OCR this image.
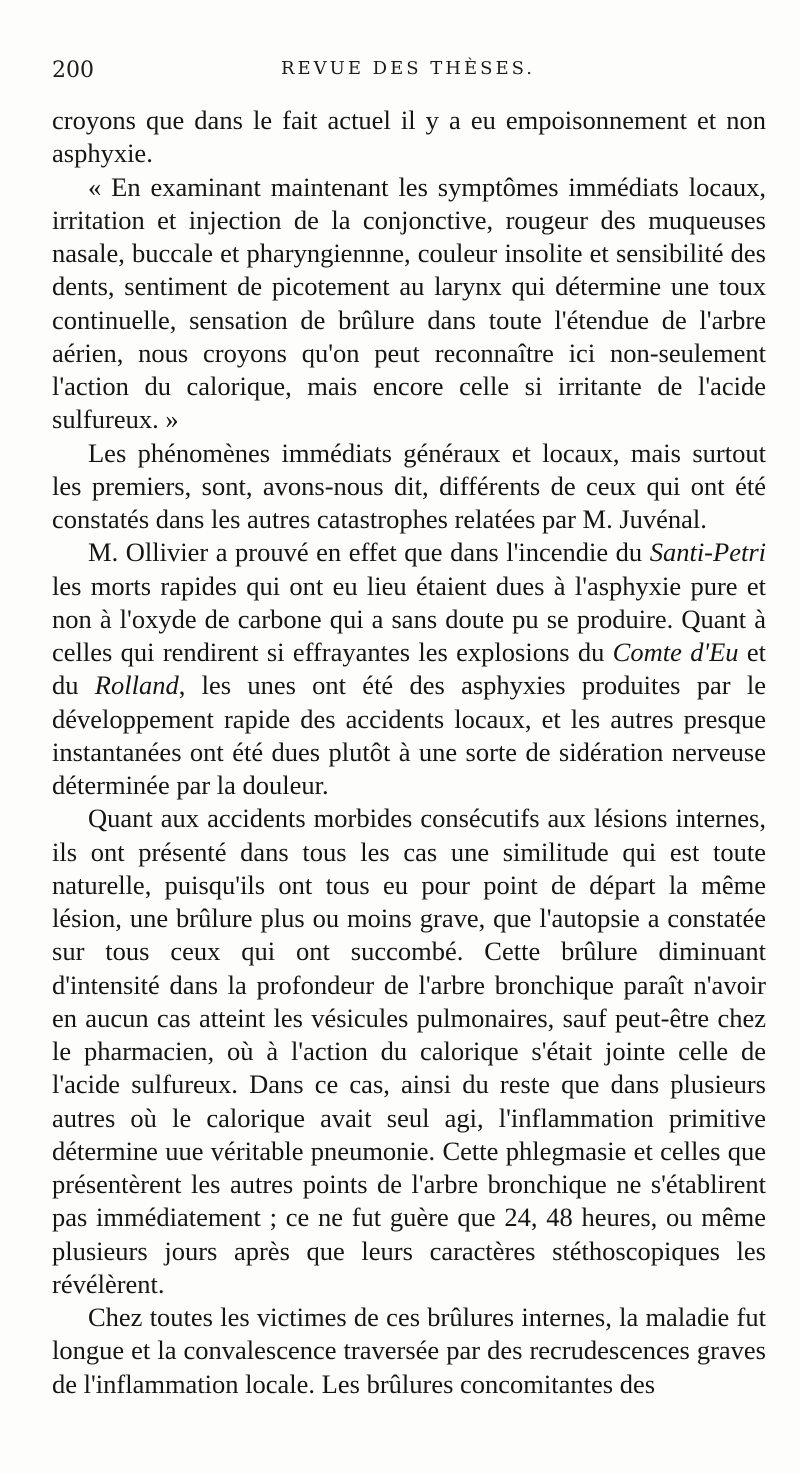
200	REVUE DES THÈSES.

croyons que dans le fait actuel il y a eu empoisonnement et non asphyxie.

« En examinant maintenant les symptômes immédiats locaux, irritation et injection de la conjonctive, rougeur des muqueuses nasale, buccale et pharyngiennne, couleur insolite et sensibilité des dents, sentiment de picotement au larynx qui détermine une toux continuelle, sensation de brûlure dans toute l'étendue de l'arbre aérien, nous croyons qu'on peut reconnaître ici non-seulement l'action du calorique, mais encore celle si irritante de l'acide sulfureux. »

Les phénomènes immédiats généraux et locaux, mais surtout les premiers, sont, avons-nous dit, différents de ceux qui ont été constatés dans les autres catastrophes relatées par M. Juvénal.

M. Ollivier a prouvé en effet que dans l'incendie du Santi-Petri les morts rapides qui ont eu lieu étaient dues à l'asphyxie pure et non à l'oxyde de carbone qui a sans doute pu se produire. Quant à celles qui rendirent si effrayantes les explosions du Comte d'Eu et du Rolland, les unes ont été des asphyxies produites par le développement rapide des accidents locaux, et les autres presque instantanées ont été dues plutôt à une sorte de sidération nerveuse déterminée par la douleur.

Quant aux accidents morbides consécutifs aux lésions internes, ils ont présenté dans tous les cas une similitude qui est toute naturelle, puisqu'ils ont tous eu pour point de départ la même lésion, une brûlure plus ou moins grave, que l'autopsie a constatée sur tous ceux qui ont succombé. Cette brûlure diminuant d'intensité dans la profondeur de l'arbre bronchique paraît n'avoir en aucun cas atteint les vésicules pulmonaires, sauf peut-être chez le pharmacien, où à l'action du calorique s'était jointe celle de l'acide sulfureux. Dans ce cas, ainsi du reste que dans plusieurs autres où le calorique avait seul agi, l'inflammation primitive détermine uue véritable pneumonie. Cette phlegmasie et celles que présentèrent les autres points de l'arbre bronchique ne s'établirent pas immédiatement ; ce ne fut guère que 24, 48 heures, ou même plusieurs jours après que leurs caractères stéthoscopiques les révélèrent.

Chez toutes les victimes de ces brûlures internes, la maladie fut longue et la convalescence traversée par des recrudescences graves de l'inflammation locale. Les brûlures concomitantes des
